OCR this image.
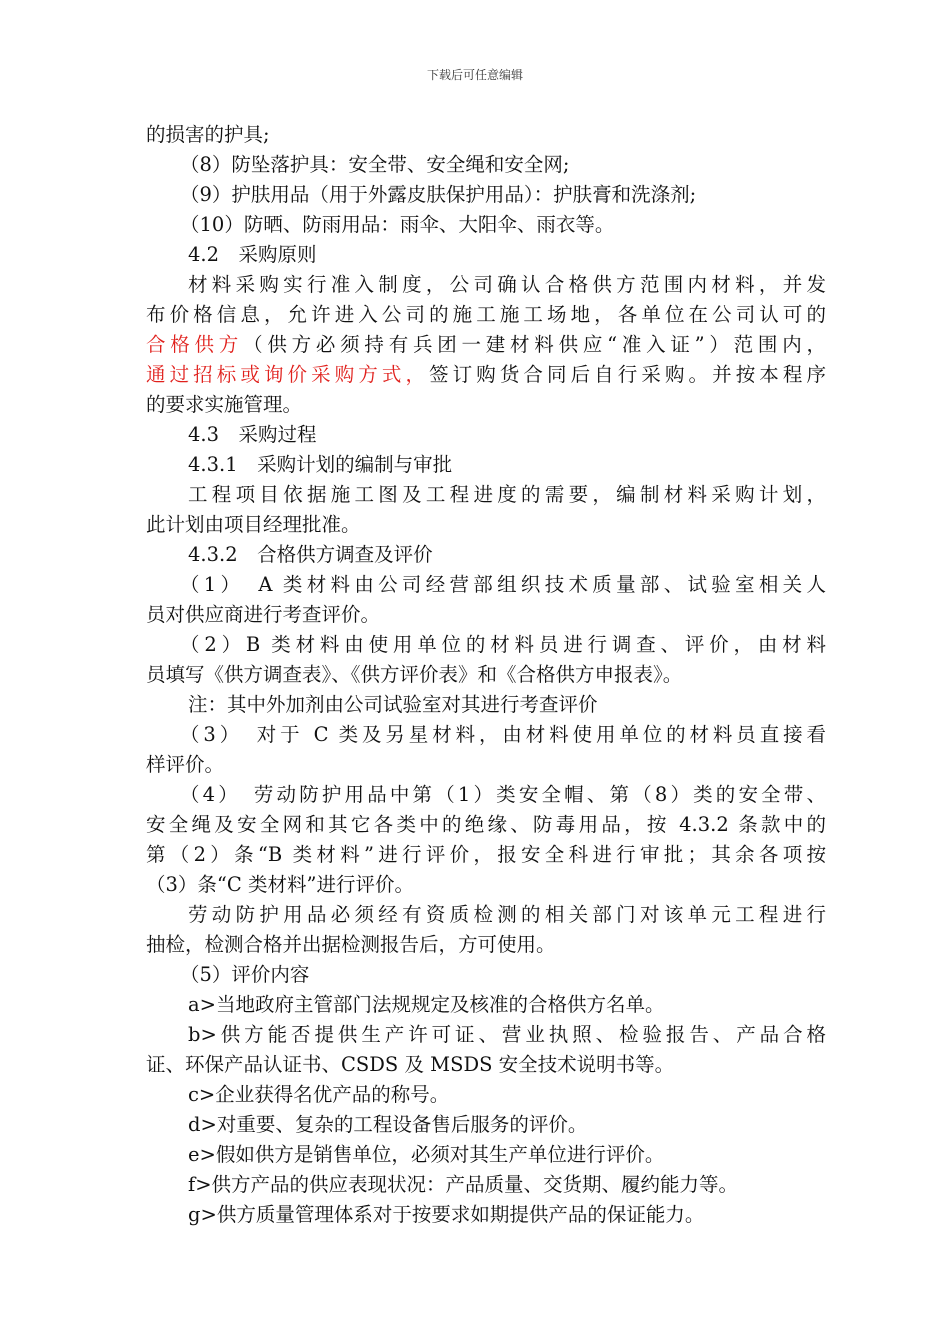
下载后可任意编辑
的损害的护具;
（8）防坠落护具：安全带、安全绳和安全网;
（9）护肤用品（用于外露皮肤保护用品）：护肤膏和洗涤剂;
（10）防晒、防雨用品：雨伞、大阳伞、雨衣等。
4.2　采购原则
材料采购实行准入制度，公司确认合格供方范围内材料，并发
布价格信息，允许进入公司的施工施工场地，各单位在公司认可的
合格供方（供方必须持有兵团一建材料供应“准入证”）范围内，
通过招标或询价采购方式，签订购货合同后自行采购。并按本程序
的要求实施管理。
4.3　采购过程
4.3.1　采购计划的编制与审批
工程项目依据施工图及工程进度的需要，编制材料采购计划，
此计划由项目经理批准。
4.3.2　合格供方调查及评价
（1）　A 类材料由公司经营部组织技术质量部、试验室相关人
员对供应商进行考查评价。
（2）B 类材料由使用单位的材料员进行调查、评价，由材料
员填写《供方调查表》、《供方评价表》和《合格供方申报表》。
注：其中外加剂由公司试验室对其进行考查评价
（3）　对于 C 类及另星材料，由材料使用单位的材料员直接看
样评价。
（4）　劳动防护用品中第（1）类安全帽、第（8）类的安全带、
安全绳及安全网和其它各类中的绝缘、防毒用品，按 4.3.2 条款中的
第（2）条“B 类材料”进行评价，报安全科进行审批；其余各项按
（3）条“C 类材料”进行评价。
劳动防护用品必须经有资质检测的相关部门对该单元工程进行
抽检，检测合格并出据检测报告后，方可使用。
（5）评价内容
a>当地政府主管部门法规规定及核准的合格供方名单。
b>供方能否提供生产许可证、营业执照、检验报告、产品合格
证、环保产品认证书、CSDS 及 MSDS 安全技术说明书等。
c>企业获得名优产品的称号。
d>对重要、复杂的工程设备售后服务的评价。
e>假如供方是销售单位，必须对其生产单位进行评价。
f>供方产品的供应表现状况：产品质量、交货期、履约能力等。
g>供方质量管理体系对于按要求如期提供产品的保证能力。
